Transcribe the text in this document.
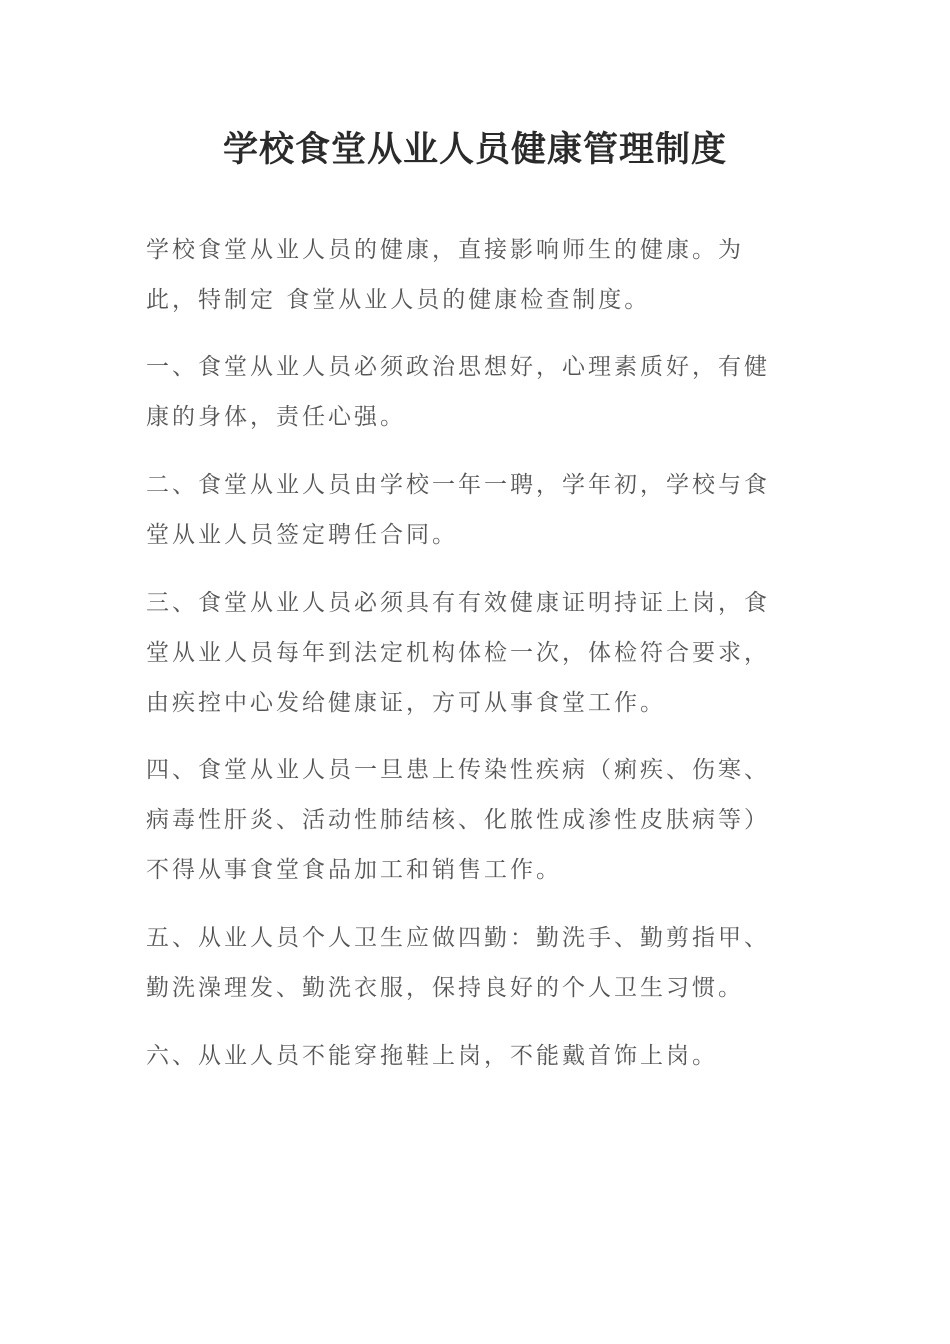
学校食堂从业人员健康管理制度

学校食堂从业人员的健康，直接影响师生的健康。为此，特制定 食堂从业人员的健康检查制度。

一、食堂从业人员必须政治思想好，心理素质好，有健康的身体，责任心强。

二、食堂从业人员由学校一年一聘，学年初，学校与食堂从业人员签定聘任合同。

三、食堂从业人员必须具有有效健康证明持证上岗，食堂从业人员每年到法定机构体检一次，体检符合要求，由疾控中心发给健康证，方可从事食堂工作。

四、食堂从业人员一旦患上传染性疾病（痢疾、伤寒、病毒性肝炎、活动性肺结核、化脓性成渗性皮肤病等）不得从事食堂食品加工和销售工作。

五、从业人员个人卫生应做四勤：勤洗手、勤剪指甲、勤洗澡理发、勤洗衣服，保持良好的个人卫生习惯。

六、从业人员不能穿拖鞋上岗，不能戴首饰上岗。
